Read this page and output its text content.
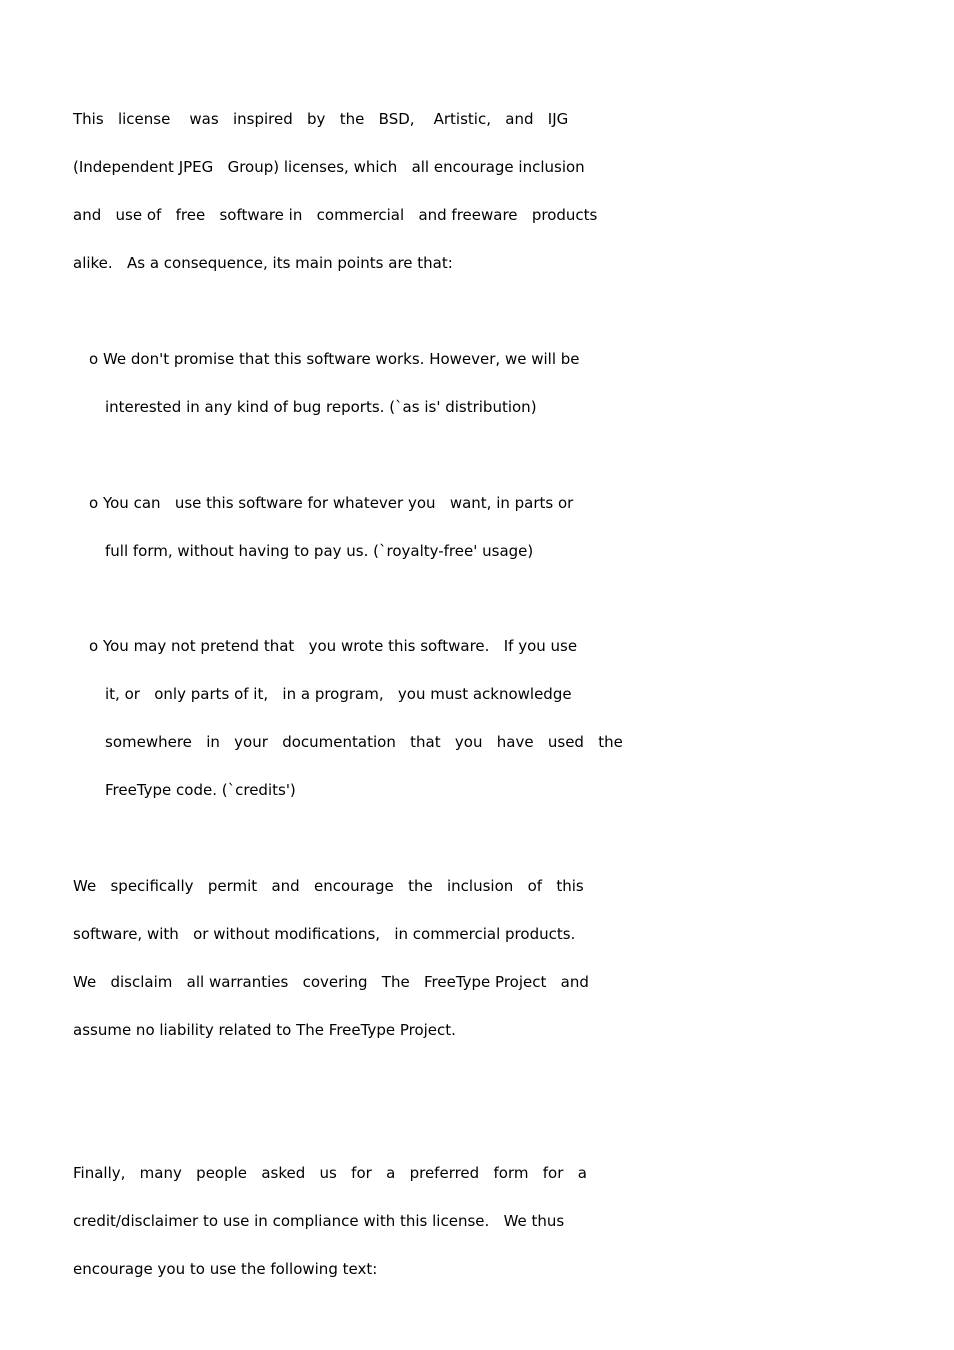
This   license    was   inspired   by   the   BSD,    Artistic,   and   IJG
(Independent JPEG   Group) licenses, which   all encourage inclusion
and   use of   free   software in   commercial   and freeware   products
alike.   As a consequence, its main points are that:
o We don't promise that this software works. However, we will be
interested in any kind of bug reports. (`as is' distribution)
o You can   use this software for whatever you   want, in parts or
full form, without having to pay us. (`royalty-free' usage)
o You may not pretend that   you wrote this software.   If you use
it, or   only parts of it,   in a program,   you must acknowledge
somewhere   in   your   documentation   that   you   have   used   the
FreeType code. (`credits')
We   specifically   permit   and   encourage   the   inclusion   of   this
software, with   or without modifications,   in commercial products.
We   disclaim   all warranties   covering   The   FreeType Project   and
assume no liability related to The FreeType Project.
Finally,   many   people   asked   us   for   a   preferred   form   for   a
credit/disclaimer to use in compliance with this license.   We thus
encourage you to use the following text:
